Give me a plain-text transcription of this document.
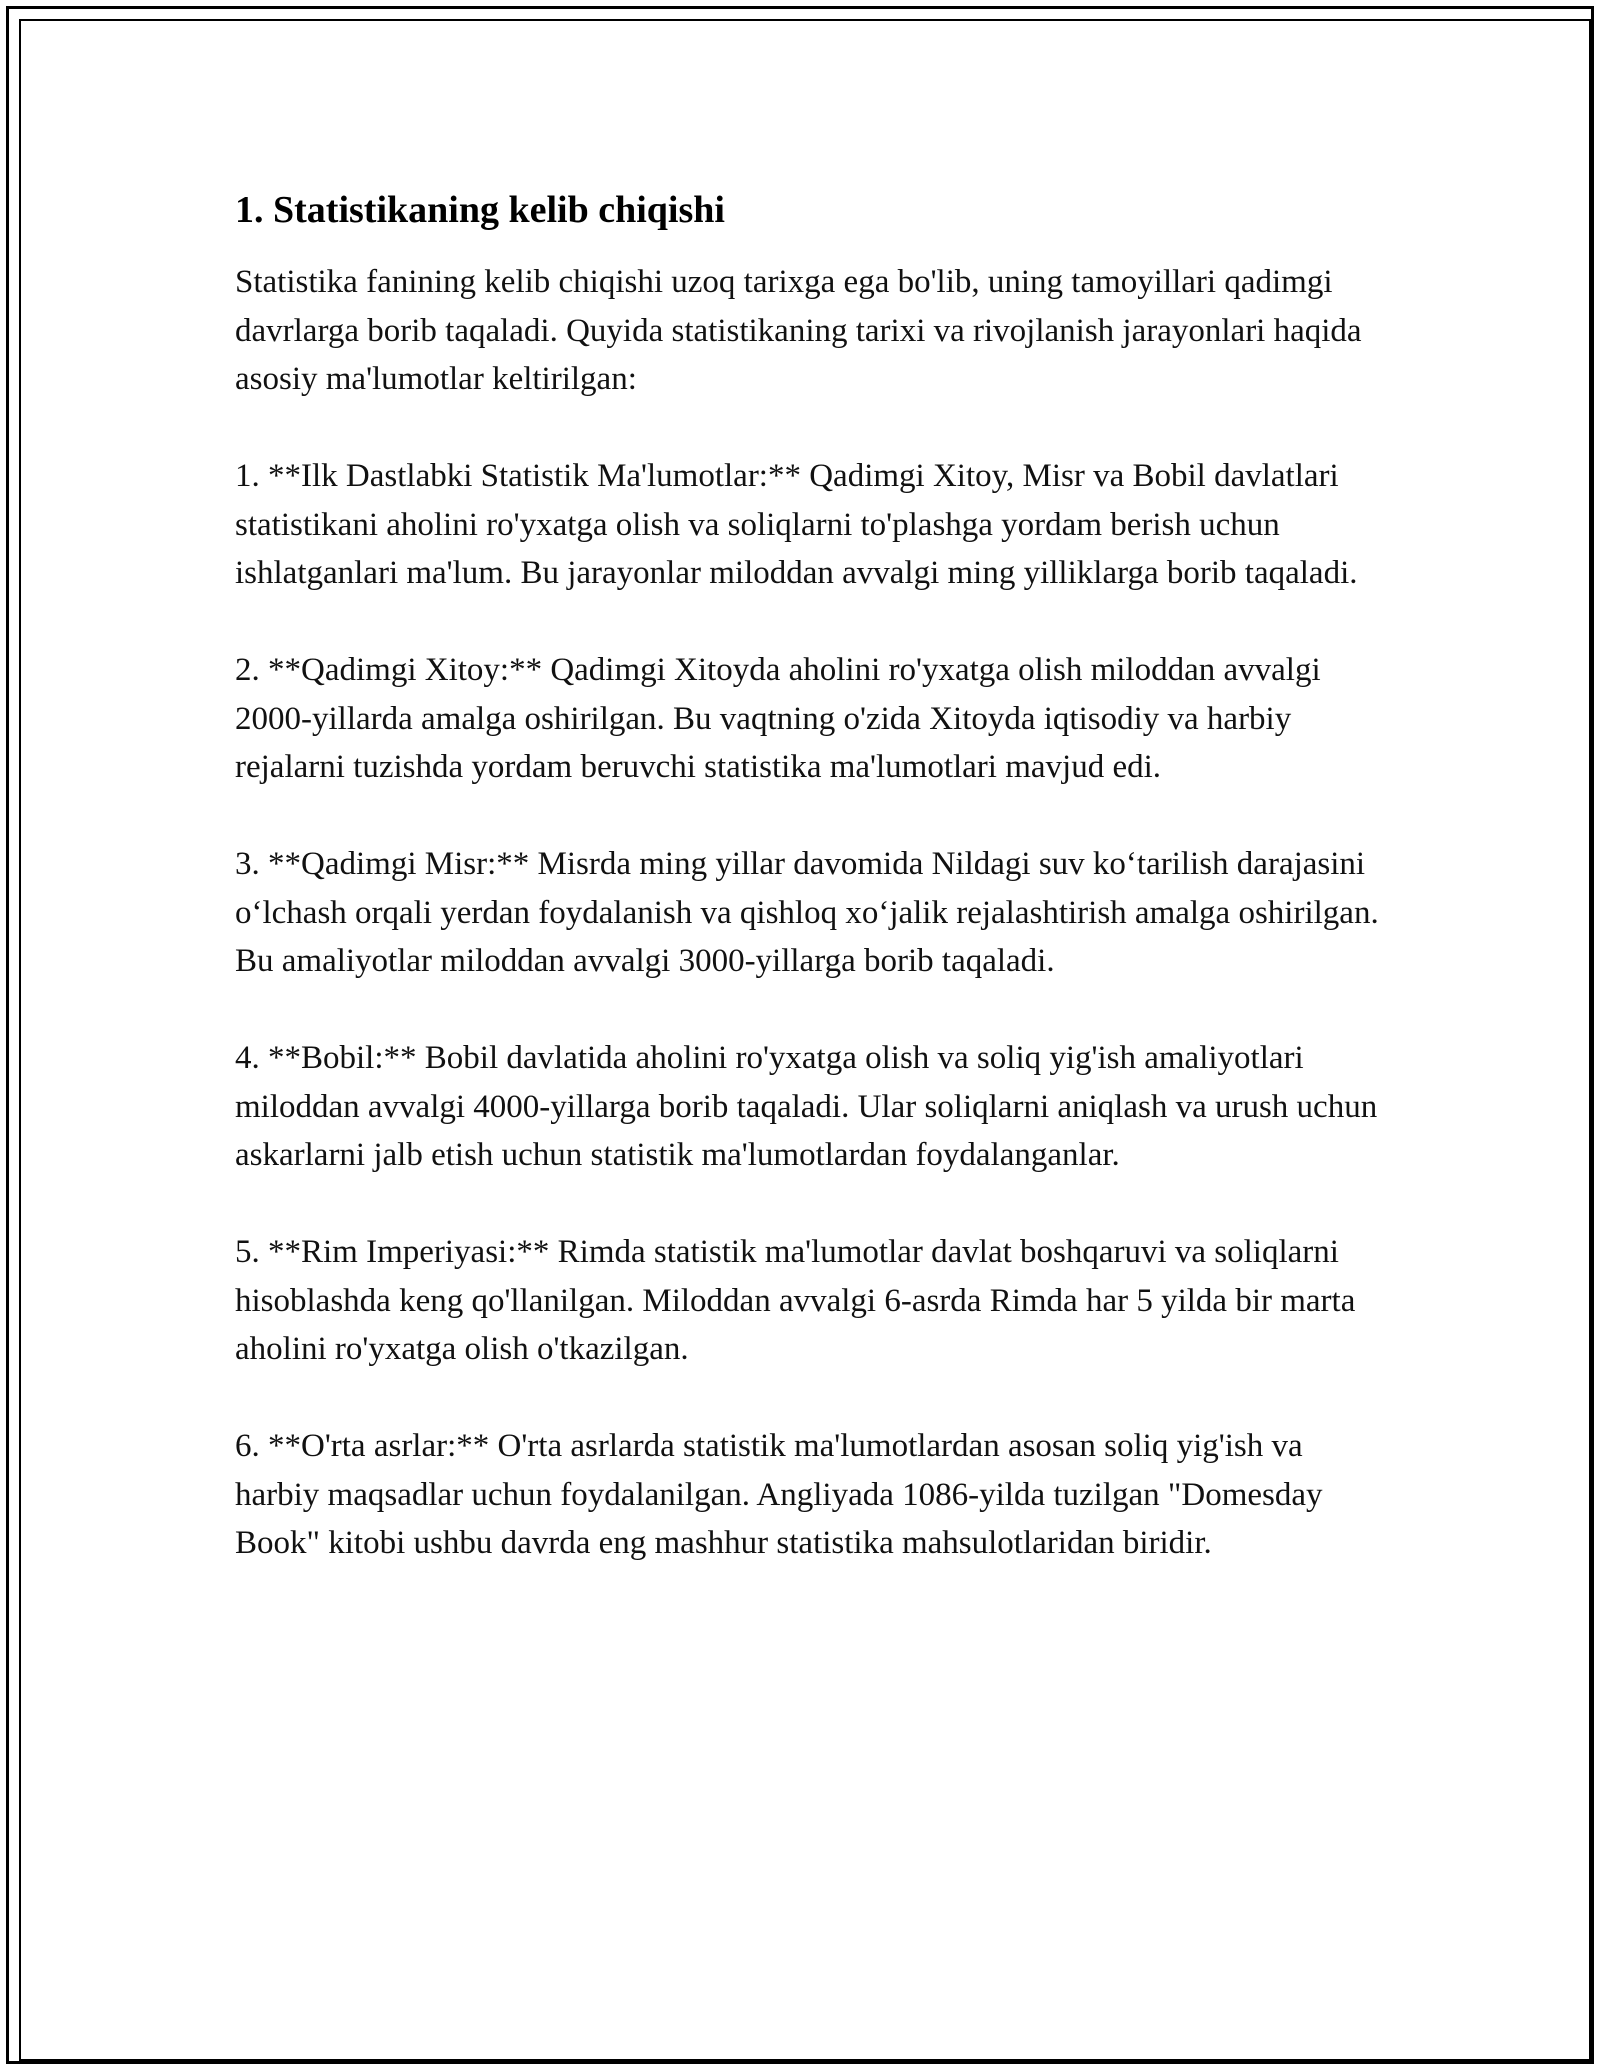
1. Statistikaning kelib chiqishi

Statistika fanining kelib chiqishi uzoq tarixga ega bo'lib, uning tamoyillari qadimgi davrlarga borib taqaladi. Quyida statistikaning tarixi va rivojlanish jarayonlari haqida asosiy ma'lumotlar keltirilgan:

1. **Ilk Dastlabki Statistik Ma'lumotlar:** Qadimgi Xitoy, Misr va Bobil davlatlari statistikani aholini ro'yxatga olish va soliqlarni to'plashga yordam berish uchun ishlatganlari ma'lum. Bu jarayonlar miloddan avvalgi ming yilliklarga borib taqaladi.

2. **Qadimgi Xitoy:** Qadimgi Xitoyda aholini ro'yxatga olish miloddan avvalgi 2000-yillarda amalga oshirilgan. Bu vaqtning o'zida Xitoyda iqtisodiy va harbiy rejalarni tuzishda yordam beruvchi statistika ma'lumotlari mavjud edi.

3. **Qadimgi Misr:** Misrda ming yillar davomida Nildagi suv ko‘tarilish darajasini o‘lchash orqali yerdan foydalanish va qishloq xo‘jalik rejalashtirish amalga oshirilgan. Bu amaliyotlar miloddan avvalgi 3000-yillarga borib taqaladi.

4. **Bobil:** Bobil davlatida aholini ro'yxatga olish va soliq yig'ish amaliyotlari miloddan avvalgi 4000-yillarga borib taqaladi. Ular soliqlarni aniqlash va urush uchun askarlarni jalb etish uchun statistik ma'lumotlardan foydalanganlar.

5. **Rim Imperiyasi:** Rimda statistik ma'lumotlar davlat boshqaruvi va soliqlarni hisoblashda keng qo'llanilgan. Miloddan avvalgi 6-asrda Rimda har 5 yilda bir marta aholini ro'yxatga olish o'tkazilgan.

6. **O'rta asrlar:** O'rta asrlarda statistik ma'lumotlardan asosan soliq yig'ish va harbiy maqsadlar uchun foydalanilgan. Angliyada 1086-yilda tuzilgan "Domesday Book" kitobi ushbu davrda eng mashhur statistika mahsulotlaridan biridir.
